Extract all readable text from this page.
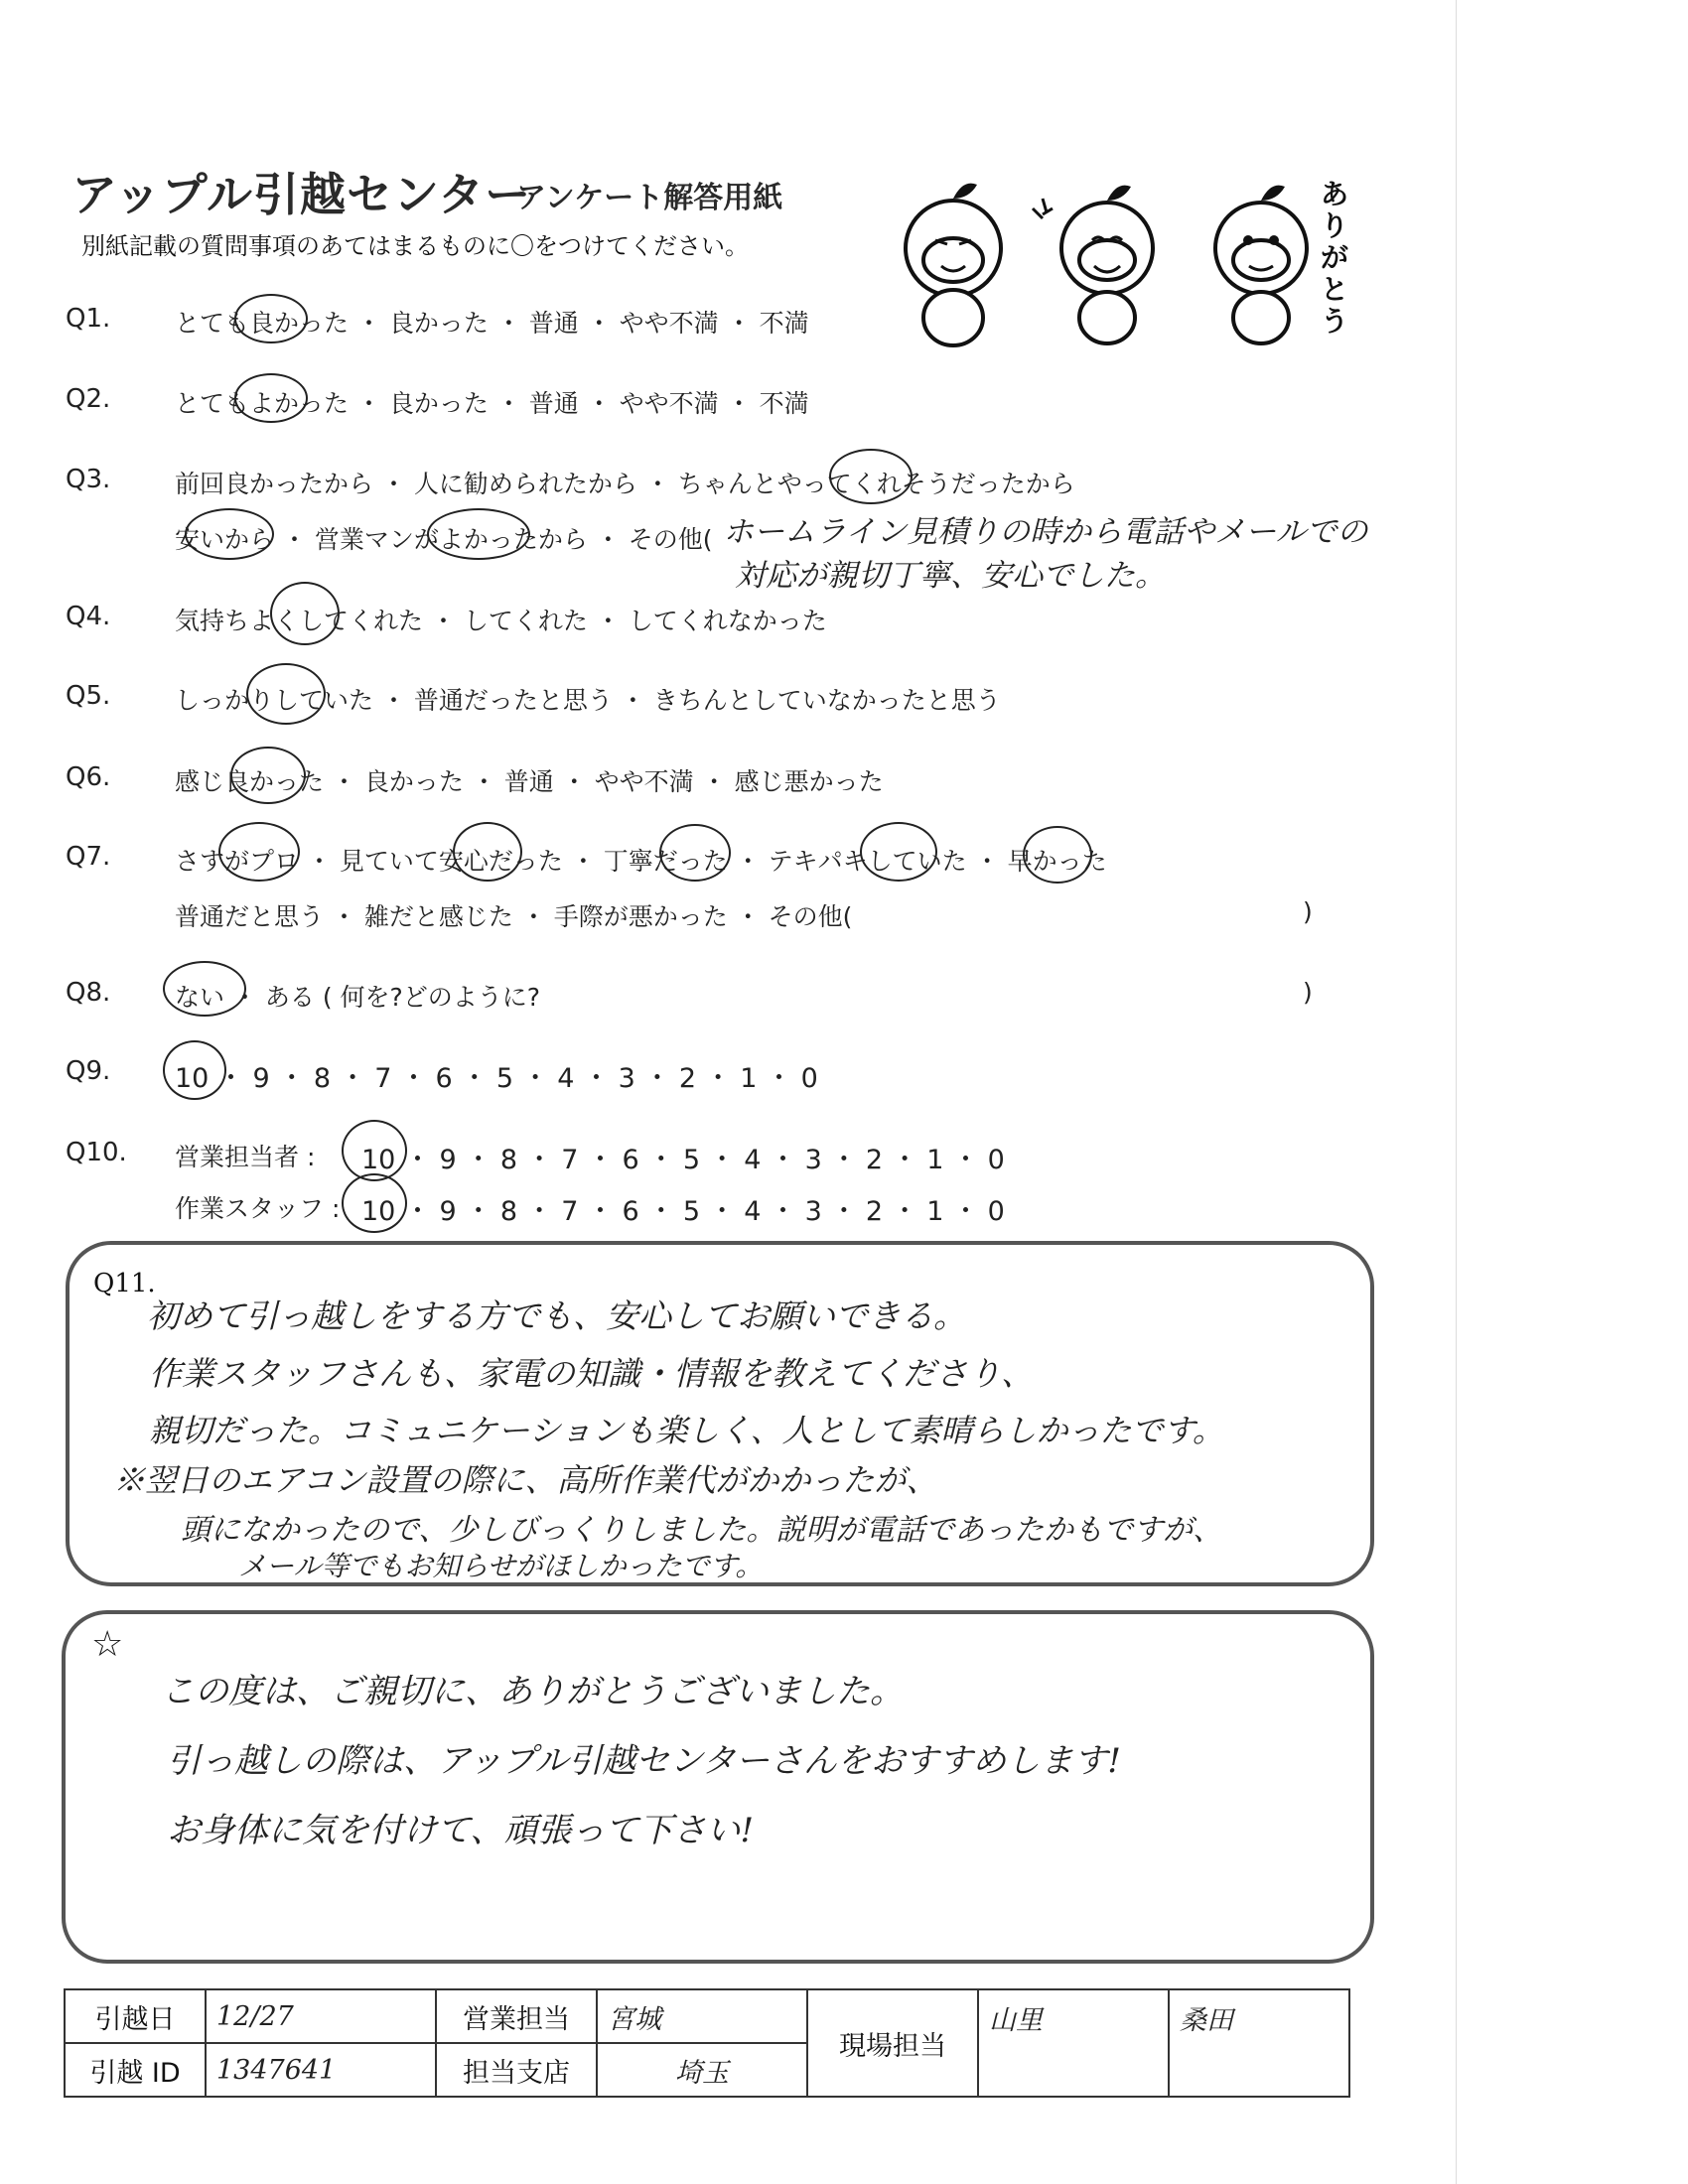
アップル引越センター
アンケート解答用紙
別紙記載の質問事項のあてはまるものに〇をつけてください。
ありがとう
Q1.	とても良かった ・ 良かった ・ 普通 ・ やや不満 ・ 不満
Q2.	とてもよかった ・ 良かった ・ 普通 ・ やや不満 ・ 不満
Q3.	前回良かったから ・ 人に勧められたから ・ ちゃんとやってくれそうだったから
安いから ・ 営業マンがよかったから ・ その他( ホームライン見積りの時から電話やメールでの
対応が親切丁寧、安心でした。
Q4.	気持ちよくしてくれた ・ してくれた ・ してくれなかった
Q5.	しっかりしていた ・ 普通だったと思う ・ きちんとしていなかったと思う
Q6.	感じ良かった ・ 良かった ・ 普通 ・ やや不満 ・ 感じ悪かった
Q7.	さすがプロ ・ 見ていて安心だった ・ 丁寧だった ・ テキパキしていた ・ 早かった
普通だと思う ・ 雑だと感じた ・ 手際が悪かった ・ その他(	)
Q8.	ない ・ ある ( 何を?どのように?	)
Q9. 10 ・ 9 ・ 8 ・ 7 ・ 6 ・ 5 ・ 4 ・ 3 ・ 2 ・ 1 ・ 0
Q10. 営業担当者 : 10 ・ 9 ・ 8 ・ 7 ・ 6 ・ 5 ・ 4 ・ 3 ・ 2 ・ 1 ・ 0
作業スタッフ : 10 ・ 9 ・ 8 ・ 7 ・ 6 ・ 5 ・ 4 ・ 3 ・ 2 ・ 1 ・ 0
Q11.
初めて引っ越しをする方でも、安心してお願いできる。
作業スタッフさんも、家電の知識・情報を教えてくださり、
親切だった。コミュニケーションも楽しく、人として素晴らしかったです。
※翌日のエアコン設置の際に、高所作業代がかかったが、
頭になかったので、少しびっくりしました。説明が電話であったかもですが、
メール等でもお知らせがほしかったです。
☆
この度は、ご親切に、ありがとうございました。
引っ越しの際は、アップル引越センターさんをおすすめします!
お身体に気を付けて、頑張って下さい!
引越日	12/27	営業担当	宮城	現場担当	山里	桑田
引越 ID	1347641	担当支店	埼玉			
